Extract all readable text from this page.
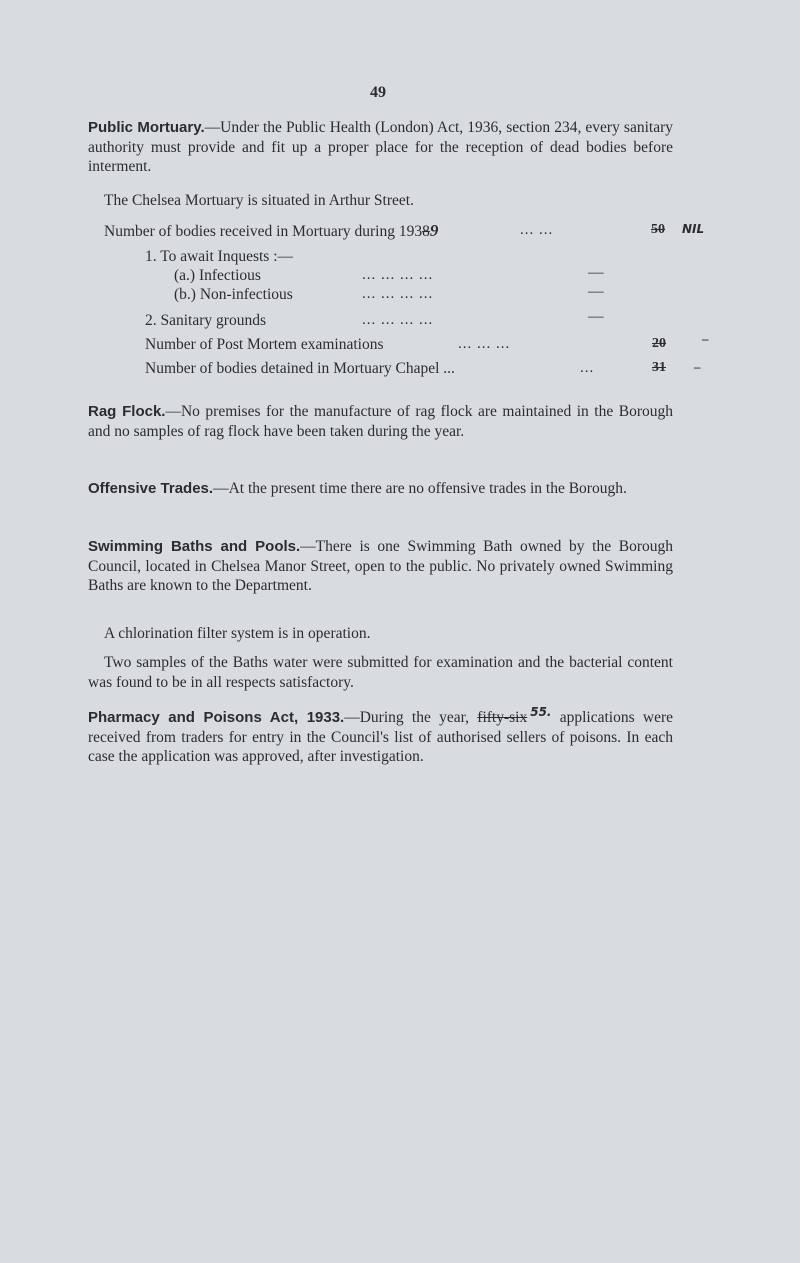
49

Public Mortuary.—Under the Public Health (London) Act, 1936, section 234, every sanitary authority must provide and fit up a proper place for the reception of dead bodies before interment.

The Chelsea Mortuary is situated in Arthur Street.
Number of bodies received in Mortuary during 19389	... ...	50 NIL
1. To await Inquests :—
(a.) Infectious	... ... ... ...	—
(b.) Non-infectious	... ... ... ...	—
2. Sanitary grounds	... ... ... ...	—
Number of Post Mortem examinations	... ... ...	20	–
Number of bodies detained in Mortuary Chapel ...	...	31 –

Rag Flock.—No premises for the manufacture of rag flock are maintained in the Borough and no samples of rag flock have been taken during the year.

Offensive Trades.—At the present time there are no offensive trades in the Borough.

Swimming Baths and Pools.—There is one Swimming Bath owned by the Borough Council, located in Chelsea Manor Street, open to the public. No privately owned Swimming Baths are known to the Department.

A chlorination filter system is in operation.

Two samples of the Baths water were submitted for examination and the bacterial content was found to be in all respects satisfactory.

Pharmacy and Poisons Act, 1933.—During the year, fifty-six $^{55.}$ applications were received from traders for entry in the Council's list of authorised sellers of poisons. In each case the application was approved, after investigation.
